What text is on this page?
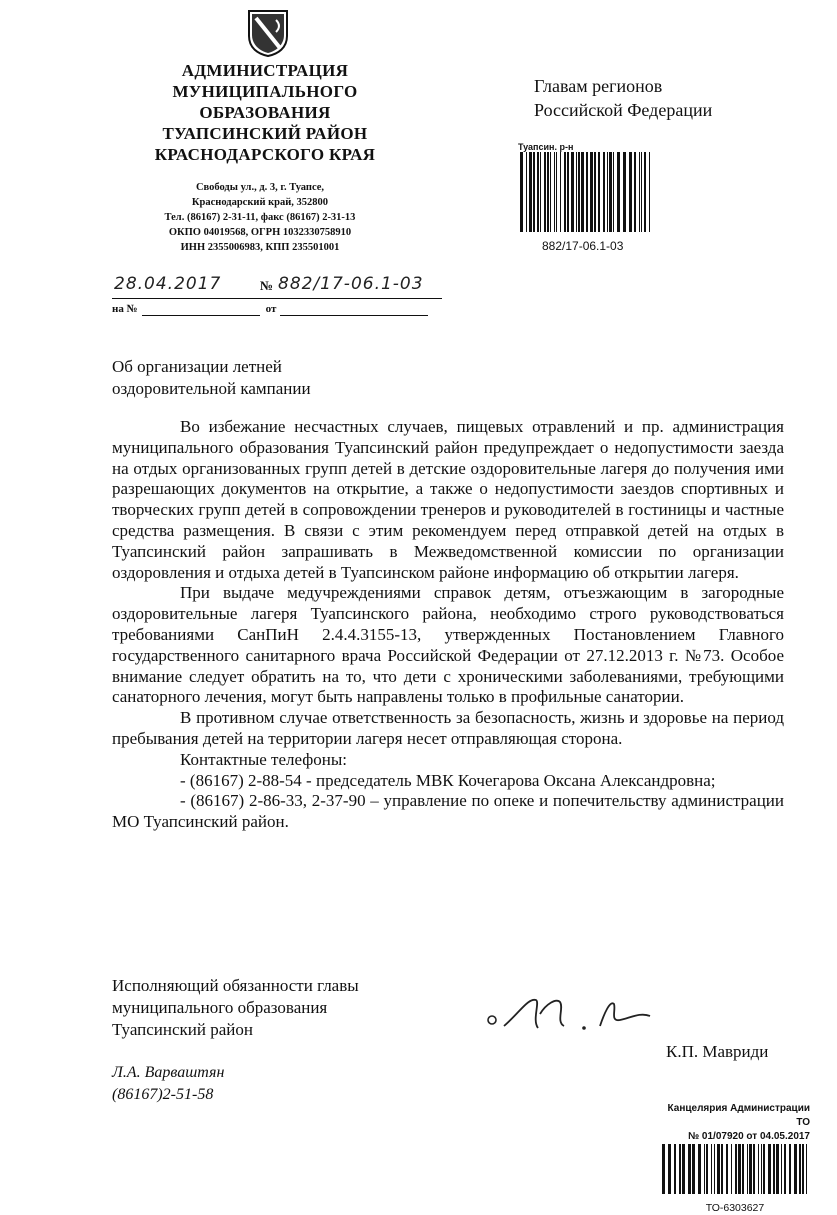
АДМИНИСТРАЦИЯ
МУНИЦИПАЛЬНОГО
ОБРАЗОВАНИЯ
ТУАПСИНСКИЙ РАЙОН
КРАСНОДАРСКОГО КРАЯ
Свободы ул., д. 3, г. Туапсе,
Краснодарский край, 352800
Тел. (86167) 2-31-11, факс (86167) 2-31-13
ОКПО 04019568, ОГРН 1032330758910
ИНН 2355006983, КПП 235501001
28.04.2017	№ 882/17-06.1-03
на №	от
Главам регионов
Российской Федерации
Туапсин. р-н
882/17-06.1-03
Об организации летней
оздоровительной кампании

Во избежание несчастных случаев, пищевых отравлений и пр. администрация муниципального образования Туапсинский район предупреждает о недопустимости заезда на отдых организованных групп детей в детские оздоровительные лагеря до получения ими разрешающих документов на открытие, а также о недопустимости заездов спортивных и творческих групп детей в сопровождении тренеров и руководителей в гостиницы и частные средства размещения. В связи с этим рекомендуем перед отправкой детей на отдых в Туапсинский район запрашивать в Межведомственной комиссии по организации оздоровления и отдыха детей в Туапсинском районе информацию об открытии лагеря.

При выдаче медучреждениями справок детям, отъезжающим в загородные оздоровительные лагеря Туапсинского района, необходимо строго руководствоваться требованиями СанПиН 2.4.4.3155-13, утвержденных Постановлением Главного государственного санитарного врача Российской Федерации от 27.12.2013 г. №73. Особое внимание следует обратить на то, что дети с хроническими заболеваниями, требующими санаторного лечения, могут быть направлены только в профильные санатории.

В противном случае ответственность за безопасность, жизнь и здоровье на период пребывания детей на территории лагеря несет отправляющая сторона.

Контактные телефоны:

- (86167) 2-88-54 - председатель МВК Кочегарова Оксана Александровна;

- (86167) 2-86-33, 2-37-90 – управление по опеке и попечительству администрации МО Туапсинский район.

Исполняющий обязанности главы
муниципального образования
Туапсинский район
К.П. Мавриди
Л.А. Варваштян
(86167)2-51-58
Канцелярия Администрации ТО
№ 01/07920 от 04.05.2017
ТО-6303627
